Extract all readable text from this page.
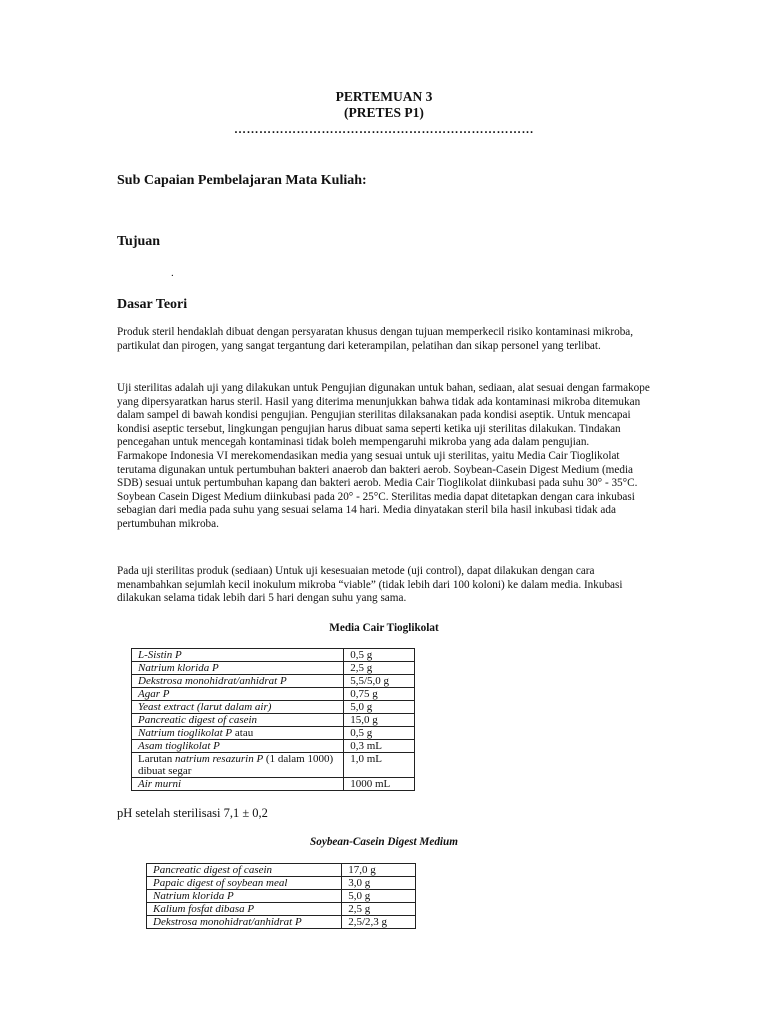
PERTEMUAN 3
(PRETES P1)
………………………………………………………………
Sub Capaian Pembelajaran Mata Kuliah:
Tujuan
.
Dasar Teori

Produk steril hendaklah dibuat dengan persyaratan khusus dengan tujuan memperkecil risiko kontaminasi mikroba, partikulat dan pirogen, yang sangat tergantung dari keterampilan, pelatihan dan sikap personel yang terlibat.

Uji sterilitas adalah uji yang dilakukan untuk Pengujian digunakan untuk bahan, sediaan, alat sesuai dengan farmakope yang dipersyaratkan harus steril. Hasil yang diterima menunjukkan bahwa tidak ada kontaminasi mikroba ditemukan dalam sampel di bawah kondisi pengujian. Pengujian sterilitas dilaksanakan pada kondisi aseptik. Untuk mencapai kondisi aseptic tersebut, lingkungan pengujian harus dibuat sama seperti ketika uji sterilitas dilakukan. Tindakan pencegahan untuk mencegah kontaminasi tidak boleh mempengaruhi mikroba yang ada dalam pengujian.

Farmakope Indonesia VI merekomendasikan media yang sesuai untuk uji sterilitas, yaitu Media Cair Tioglikolat terutama digunakan untuk pertumbuhan bakteri anaerob dan bakteri aerob. Soybean-Casein Digest Medium (media SDB) sesuai untuk pertumbuhan kapang dan bakteri aerob. Media Cair Tioglikolat diinkubasi pada suhu 30° - 35°C. Soybean Casein Digest Medium diinkubasi pada 20° - 25°C. Sterilitas media dapat ditetapkan dengan cara inkubasi sebagian dari media pada suhu yang sesuai selama 14 hari. Media dinyatakan steril bila hasil inkubasi tidak ada pertumbuhan mikroba.

Pada uji sterilitas produk (sediaan) Untuk uji kesesuaian metode (uji control), dapat dilakukan dengan cara menambahkan sejumlah kecil inokulum mikroba “viable” (tidak lebih dari 100 koloni) ke dalam media. Inkubasi dilakukan selama tidak lebih dari 5 hari dengan suhu yang sama.

Media Cair Tioglikolat
L-Sistin P	0,5 g
Natrium klorida P	2,5 g
Dekstrosa monohidrat/anhidrat P	5,5/5,0 g
Agar P	0,75 g
Yeast extract (larut dalam air)	5,0 g
Pancreatic digest of casein	15,0 g
Natrium tioglikolat P atau	0,5 g
Asam tioglikolat P	0,3 mL
Larutan natrium resazurin P (1 dalam 1000) dibuat segar	1,0 mL
Air murni	1000 mL
pH setelah sterilisasi 7,1 ± 0,2
Soybean-Casein Digest Medium
Pancreatic digest of casein	17,0 g
Papaic digest of soybean meal	3,0 g
Natrium klorida P	5,0 g
Kalium fosfat dibasa P	2,5 g
Dekstrosa monohidrat/anhidrat P	2,5/2,3 g
